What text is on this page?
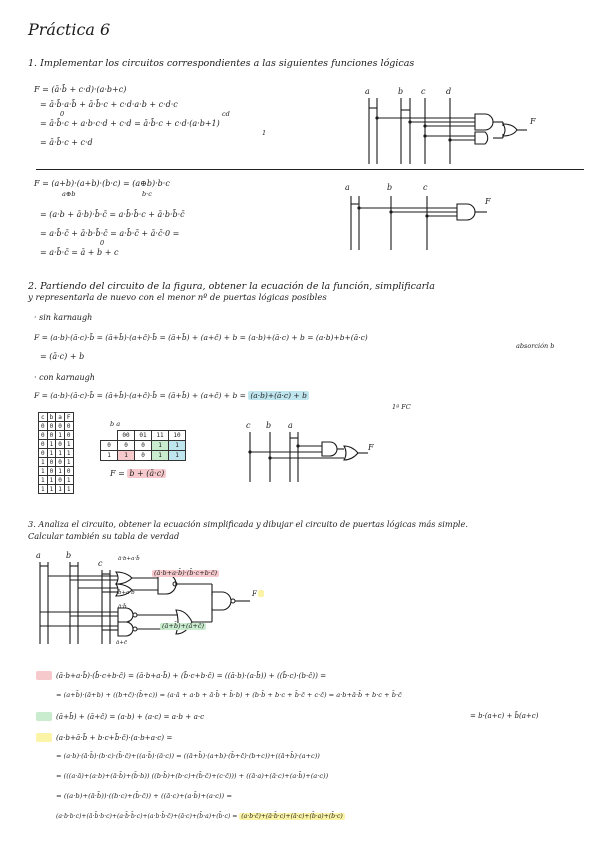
Práctica 6
1. Implementar los circuitos correspondientes a las siguientes funciones lógicas
F = (ā·b̄ + c·d)·(a·b+c)
= ā·b̄·a·b̄ + ā·b̄·c + c·d·a·b + c·d·c
0	cd
= ā·b̄·c + a·b·c·d + c·d = ā·b̄·c + c·d·(a·b+1)
1
= ā·b̄·c + c·d
a	b c	d
F
F = (a+b)·(a+b)·(b·c) = (a⊕b)·b·c
a⊕b	b·c
= (a·b + ā·b)·b̄·c̄ = a·b̄·b̄·c + ā·b·b̄·c̄
= a·b̄·c̄ + ā·b·b̄·c̄ = a·b̄·c̄ + ā·c̄·0 =
0
= a·b̄·c̄ = ā + b + c
a	b	c
F
2. Partiendo del circuito de la figura, obtener la ecuación de la función, simplificarla
y representarla de nuevo con el menor nº de puertas lógicas posibles
· sin karnaugh
F = (a·b)·(ā·c)·b̄ = (ā+b̄)·(a+c̄)·b̄ = (ā+b̄) + (a+c̄) + b = (a·b)+(ā·c) + b = (a·b)+b+(ā·c)
absorción b
= (ā·c) + b
· con karnaugh
F = (a·b)·(ā·c)·b̄ = (ā+b̄)·(a+c̄)·b̄ = (ā+b̄) + (a+c̄) + b = (a·b)+(ā·c) + b
1ª FC
c	b	a	F
0	0	0	0
0	0	1	0
0	1	0	1
0	1	1	1
1	0	0	1
1	0	1	0
1	1	0	1
1	1	1	1
b a
	00	01	11	10
0	0	0	1	1
1	1	0	1	1
F = b + (ā·c)
c b a
F
3. Analiza el circuito, obtener la ecuación simplificada y dibujar el circuito de puertas lógicas más simple.
Calcular también su tabla de verdad
a	b
c	ā·b+a·b̄
b̄+a·b
ā·b̄
ā+c̄
F
(ā·b+a·b̄)·(b̄·c+b·c̄)
(ā+b̄)+(ā+c̄)

(ā·b+a·b̄)·(b̄·c+b·c̄) = (ā·b+a·b̄) + (b̄·c+b·c̄) = ((ā·b)·(a·b̄)) + ((b̄·c)·(b·c̄)) =
= (a+b̄)·(ā+b) + ((b+c̄)·(b̄+c)) = (a·ā + a·b + ā·b̄ + b̄·b) + (b·b̄ + b·c + b̄·c̄ + c·c̄) = a·b+ā·b̄ + b·c + b̄·c̄
(ā+b̄) + (ā+c̄) = (a·b) + (a·c) = a·b + a·c	= b·(a+c) + b̄(a+c)
(a·b+ā·b̄ + b·c+b̄·c̄)·(a·b+a·c) =
= (a·b)·(ā·b̄)·(b·c)·(b̄·c̄)+((a·b̄)·(ā·c)) = ((ā+b̄)·(a+b)·(b̄+c̄)·(b+c))+((ā+b̄)·(a+c))
= (((a·ā)+(a·b)+(ā·b̄)+(b̄·b)) ((b·b̄)+(b·c)+(b̄·c̄)+(c·c̄))) + ((ā·a)+(ā·c)+(a·b̄)+(a·c))
= ((a·b)+(ā·b̄))·((b·c)+(b̄·c̄)) + ((ā·c)+(a·b̄)+(a·c)) =
(a·b·b·c)+(ā·b̄·b·c)+(a·b̄·b̄·c)+(a·b·b̄·c̄)+(ā·c)+(b̄·a)+(b̄·c) = (a·b·c̄)+(ā·b̄·c)+(ā·c)+(b̄·a)+(b̄·c)
